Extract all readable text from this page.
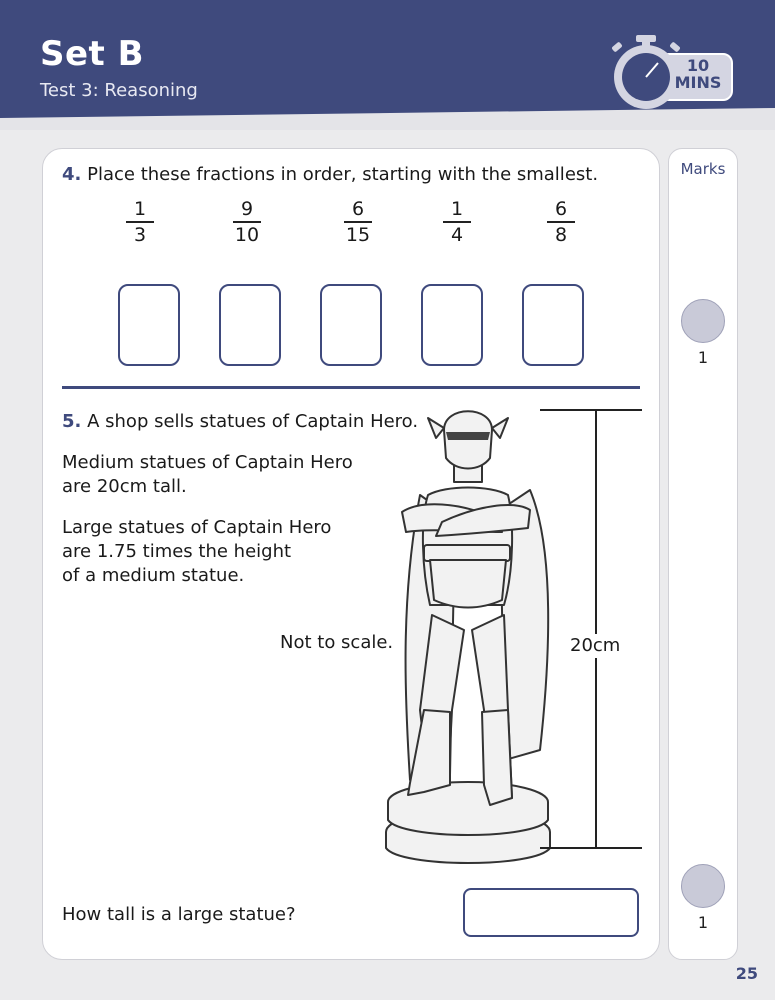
Set B
Test 3: Reasoning
10
MINS
Marks
1
1
4. Place these fractions in order, starting with the smallest.
1
3
9
10
6
15
1
4
6
8
5. A shop sells statues of Captain Hero.
Medium statues of Captain Hero
are 20cm tall.
Large statues of Captain Hero
are 1.75 times the height
of a medium statue.
Not to scale.	20cm
How tall is a large statue?
25
